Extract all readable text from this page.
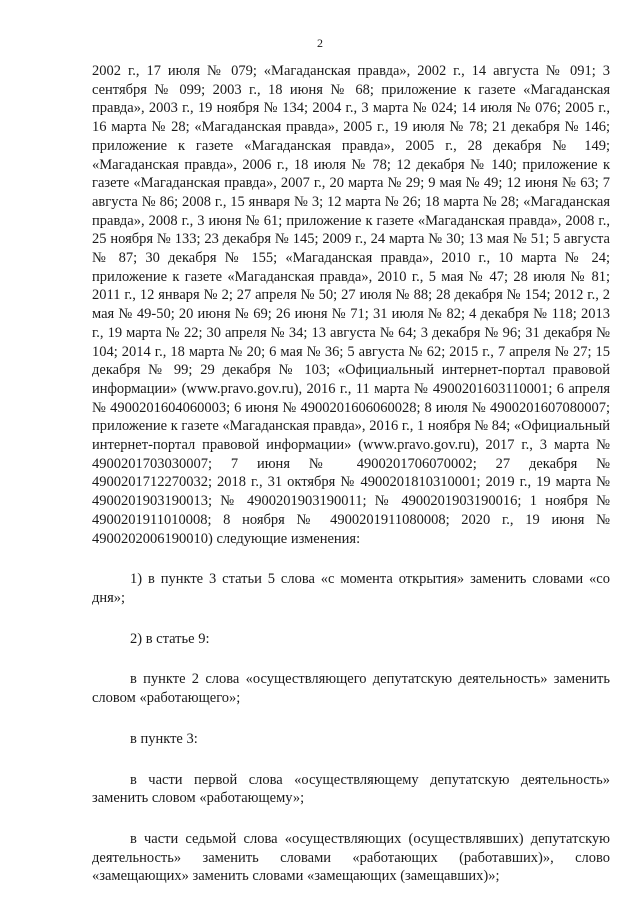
2

2002 г., 17 июля № 079; «Магаданская правда», 2002 г., 14 августа № 091; 3 сентября № 099; 2003 г., 18 июня № 68; приложение к газете «Магаданская правда», 2003 г., 19 ноября № 134; 2004 г., 3 марта № 024; 14 июля № 076; 2005 г., 16 марта № 28; «Магаданская правда», 2005 г., 19 июля № 78; 21 декабря № 146; приложение к газете «Магаданская правда», 2005 г., 28 декабря № 149; «Магаданская правда», 2006 г., 18 июля № 78; 12 декабря № 140; приложение к газете «Магаданская правда», 2007 г., 20 марта № 29; 9 мая № 49; 12 июня № 63; 7 августа № 86; 2008 г., 15 января № 3; 12 марта № 26; 18 марта № 28; «Магаданская правда», 2008 г., 3 июня № 61; приложение к газете «Магаданская правда», 2008 г., 25 ноября № 133; 23 декабря № 145; 2009 г., 24 марта № 30; 13 мая № 51; 5 августа № 87; 30 декабря № 155; «Магаданская правда», 2010 г., 10 марта № 24; приложение к газете «Магаданская правда», 2010 г., 5 мая № 47; 28 июля № 81; 2011 г., 12 января № 2; 27 апреля № 50; 27 июля № 88; 28 декабря № 154; 2012 г., 2 мая № 49-50; 20 июня № 69; 26 июня № 71; 31 июля № 82; 4 декабря № 118; 2013 г., 19 марта № 22; 30 апреля № 34; 13 августа № 64; 3 декабря № 96; 31 декабря № 104; 2014 г., 18 марта № 20; 6 мая № 36; 5 августа № 62; 2015 г., 7 апреля № 27; 15 декабря № 99; 29 декабря № 103; «Официальный интернет-портал правовой информации» (www.pravo.gov.ru), 2016 г., 11 марта № 4900201603110001; 6 апреля № 4900201604060003; 6 июня № 4900201606060028; 8 июля № 4900201607080007; приложение к газете «Магаданская правда», 2016 г., 1 ноября № 84; «Официальный интернет-портал правовой информации» (www.pravo.gov.ru), 2017 г., 3 марта № 4900201703030007; 7 июня № 4900201706070002; 27 декабря № 4900201712270032; 2018 г., 31 октября № 4900201810310001; 2019 г., 19 марта № 4900201903190013; № 4900201903190011; № 4900201903190016; 1 ноября № 4900201911010008; 8 ноября № 4900201911080008; 2020 г., 19 июня № 4900202006190010) следующие изменения:

1) в пункте 3 статьи 5 слова «с момента открытия» заменить словами «со дня»;

2) в статье 9:

в пункте 2 слова «осуществляющего депутатскую деятельность» заменить словом «работающего»;

в пункте 3:

в части первой слова «осуществляющему депутатскую деятельность» заменить словом «работающему»;

в части седьмой слова «осуществляющих (осуществлявших) депутатскую деятельность» заменить словами «работающих (работавших)», слово «замещающих» заменить словами «замещающих (замещавших)»;
